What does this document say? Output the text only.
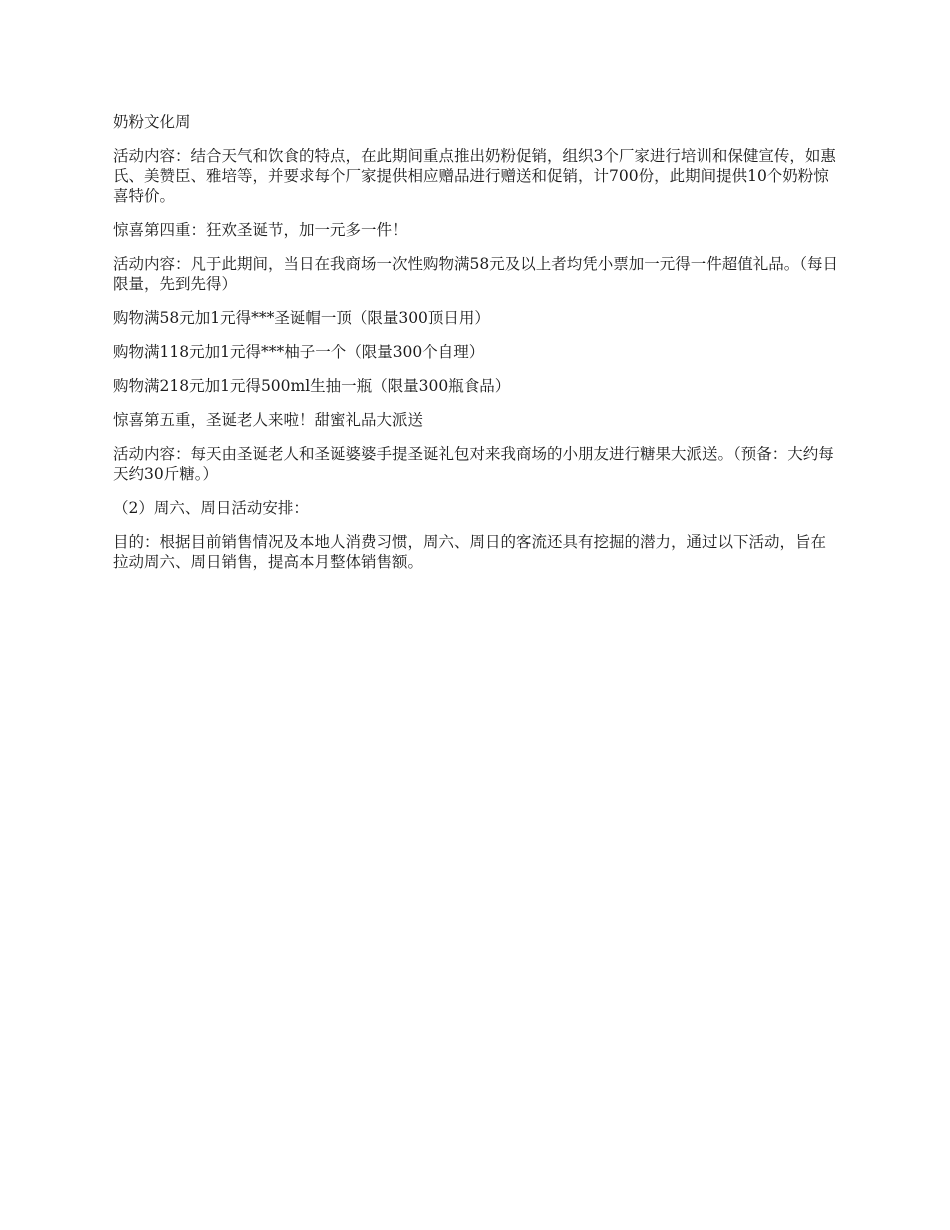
奶粉文化周

活动内容：结合天气和饮食的特点，在此期间重点推出奶粉促销，组织3个厂家进行培训和保健宣传，如惠氏、美赞臣、雅培等，并要求每个厂家提供相应赠品进行赠送和促销，计700份，此期间提供10个奶粉惊喜特价。

惊喜第四重：狂欢圣诞节，加一元多一件！

活动内容：凡于此期间，当日在我商场一次性购物满58元及以上者均凭小票加一元得一件超值礼品。（每日限量，先到先得）

购物满58元加1元得***圣诞帽一顶（限量300顶日用）

购物满118元加1元得***柚子一个（限量300个自理）

购物满218元加1元得500ml生抽一瓶（限量300瓶食品）

惊喜第五重，圣诞老人来啦！甜蜜礼品大派送

活动内容：每天由圣诞老人和圣诞婆婆手提圣诞礼包对来我商场的小朋友进行糖果大派送。（预备：大约每天约30斤糖。）

（2）周六、周日活动安排：

目的：根据目前销售情况及本地人消费习惯，周六、周日的客流还具有挖掘的潜力，通过以下活动，旨在拉动周六、周日销售，提高本月整体销售额。
